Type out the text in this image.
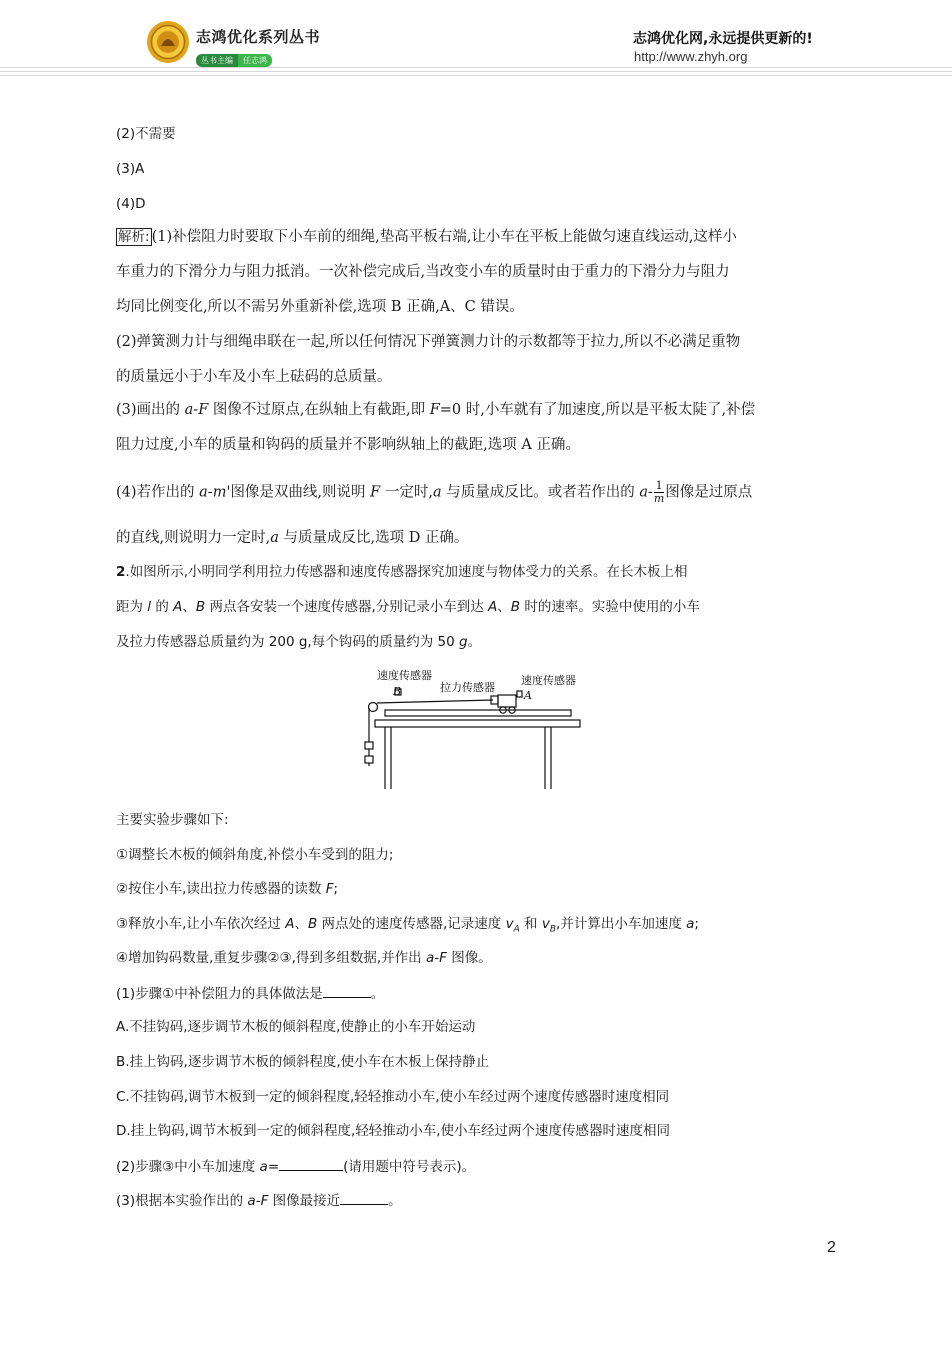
志鸿优化系列丛书
丛书主编 任志鸿
志鸿优化网,永远提供更新的!
http://www.zhyh.org
(2)不需要
(3)A
(4)D
解析: (1)补偿阻力时要取下小车前的细绳,垫高平板右端,让小车在平板上能做匀速直线运动,这样小
车重力的下滑分力与阻力抵消。一次补偿完成后,当改变小车的质量时由于重力的下滑分力与阻力
均同比例变化,所以不需另外重新补偿,选项 B 正确,A、C 错误。
(2)弹簧测力计与细绳串联在一起,所以任何情况下弹簧测力计的示数都等于拉力,所以不必满足重物
的质量远小于小车及小车上砝码的总质量。
(3)画出的 a-F 图像不过原点,在纵轴上有截距,即 F=0 时,小车就有了加速度,所以是平板太陡了,补偿
阻力过度,小车的质量和钩码的质量并不影响纵轴上的截距,选项 A 正确。
(4)若作出的 a-m'图像是双曲线,则说明 F 一定时,a 与质量成反比。或者若作出的 $a- \frac{1}{m}$ 图像是过原点
的直线,则说明力一定时,a 与质量成反比,选项 D 正确。
2.如图所示,小明同学利用拉力传感器和速度传感器探究加速度与物体受力的关系。在长木板上相
距为 l 的 A、B 两点各安装一个速度传感器,分别记录小车到达 A、B 时的速率。实验中使用的小车
及拉力传感器总质量约为 200 g,每个钩码的质量约为 50 g。
速度传感器
B	拉力传感器
速度传感器
A
主要实验步骤如下:
①调整长木板的倾斜角度,补偿小车受到的阻力;
②按住小车,读出拉力传感器的读数 F;
③释放小车,让小车依次经过 A、B 两点处的速度传感器,记录速度 $v_A$ 和 $v_B$,并计算出小车加速度 a;
④增加钩码数量,重复步骤②③,得到多组数据,并作出 a-F 图像。
(1)步骤①中补偿阻力的具体做法是	。
A.不挂钩码,逐步调节木板的倾斜程度,使静止的小车开始运动
B.挂上钩码,逐步调节木板的倾斜程度,使小车在木板上保持静止
C.不挂钩码,调节木板到一定的倾斜程度,轻轻推动小车,使小车经过两个速度传感器时速度相同
D.挂上钩码,调节木板到一定的倾斜程度,轻轻推动小车,使小车经过两个速度传感器时速度相同
(2)步骤③中小车加速度 a=	(请用题中符号表示)。
(3)根据本实验作出的 a-F 图像最接近	。
2
